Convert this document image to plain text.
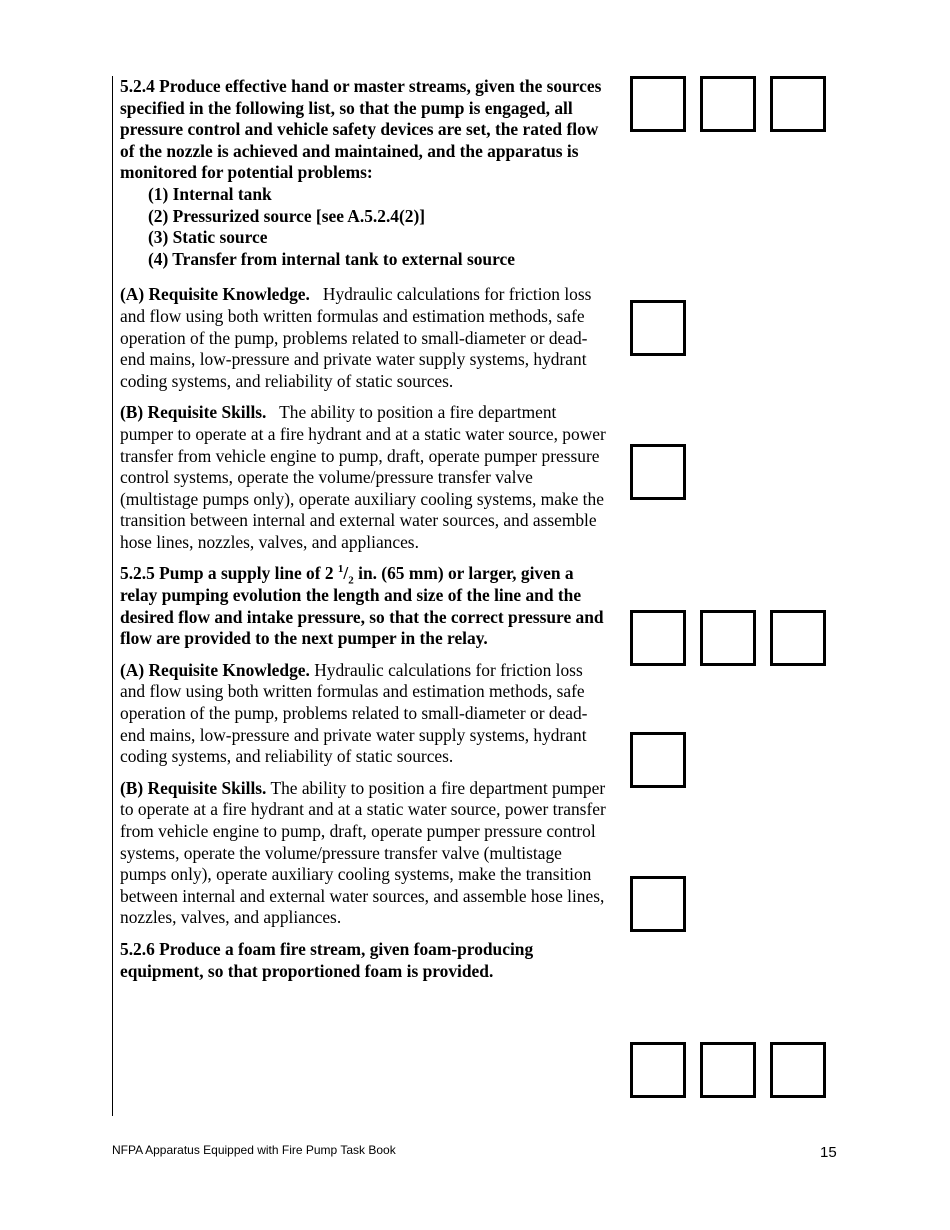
5.2.4 Produce effective hand or master streams, given the sources specified in the following list, so that the pump is engaged, all pressure control and vehicle safety devices are set, the rated flow of the nozzle is achieved and maintained, and the apparatus is monitored for potential problems:

(1) Internal tank
(2) Pressurized source [see A.5.2.4(2)]
(3) Static source
(4) Transfer from internal tank to external source

(A) Requisite Knowledge. Hydraulic calculations for friction loss and flow using both written formulas and estimation methods, safe operation of the pump, problems related to small-diameter or dead-end mains, low-pressure and private water supply systems, hydrant coding systems, and reliability of static sources.

(B) Requisite Skills. The ability to position a fire department pumper to operate at a fire hydrant and at a static water source, power transfer from vehicle engine to pump, draft, operate pumper pressure control systems, operate the volume/pressure transfer valve (multistage pumps only), operate auxiliary cooling systems, make the transition between internal and external water sources, and assemble hose lines, nozzles, valves, and appliances.

5.2.5 Pump a supply line of 2 $^1/_2$ in. (65 mm) or larger, given a relay pumping evolution the length and size of the line and the desired flow and intake pressure, so that the correct pressure and flow are provided to the next pumper in the relay.

(A) Requisite Knowledge. Hydraulic calculations for friction loss and flow using both written formulas and estimation methods, safe operation of the pump, problems related to small-diameter or dead-end mains, low-pressure and private water supply systems, hydrant coding systems, and reliability of static sources.

(B) Requisite Skills. The ability to position a fire department pumper to operate at a fire hydrant and at a static water source, power transfer from vehicle engine to pump, draft, operate pumper pressure control systems, operate the volume/pressure transfer valve (multistage pumps only), operate auxiliary cooling systems, make the transition between internal and external water sources, and assemble hose lines, nozzles, valves, and appliances.

5.2.6 Produce a foam fire stream, given foam-producing equipment, so that proportioned foam is provided.

NFPA Apparatus Equipped with Fire Pump Task Book	15
